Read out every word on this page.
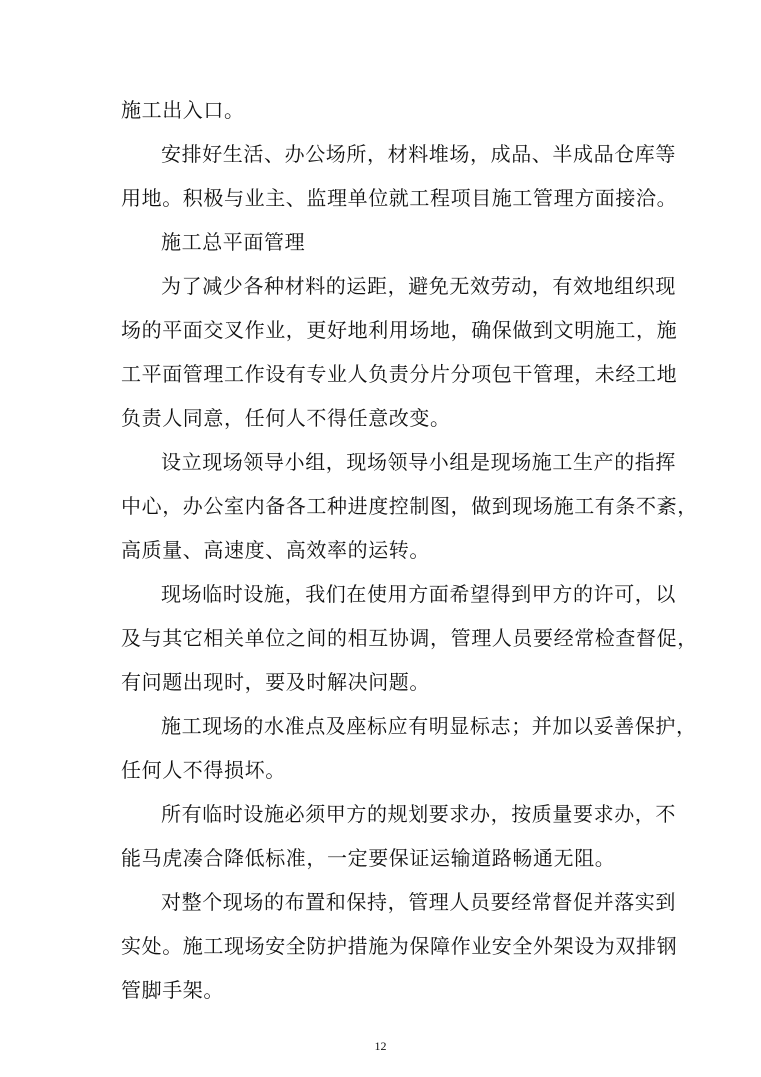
施工出入口。
安排好生活、办公场所，材料堆场，成品、半成品仓库等
用地。积极与业主、监理单位就工程项目施工管理方面接洽。
施工总平面管理
为了减少各种材料的运距，避免无效劳动，有效地组织现
场的平面交叉作业，更好地利用场地，确保做到文明施工，施
工平面管理工作设有专业人负责分片分项包干管理，未经工地
负责人同意，任何人不得任意改变。
设立现场领导小组，现场领导小组是现场施工生产的指挥
中心，办公室内备各工种进度控制图，做到现场施工有条不紊，
高质量、高速度、高效率的运转。
现场临时设施，我们在使用方面希望得到甲方的许可，以
及与其它相关单位之间的相互协调，管理人员要经常检查督促，
有问题出现时，要及时解决问题。
施工现场的水准点及座标应有明显标志；并加以妥善保护，
任何人不得损坏。
所有临时设施必须甲方的规划要求办，按质量要求办，不
能马虎凑合降低标准，一定要保证运输道路畅通无阻。
对整个现场的布置和保持，管理人员要经常督促并落实到
实处。施工现场安全防护措施为保障作业安全外架设为双排钢
管脚手架。
12
